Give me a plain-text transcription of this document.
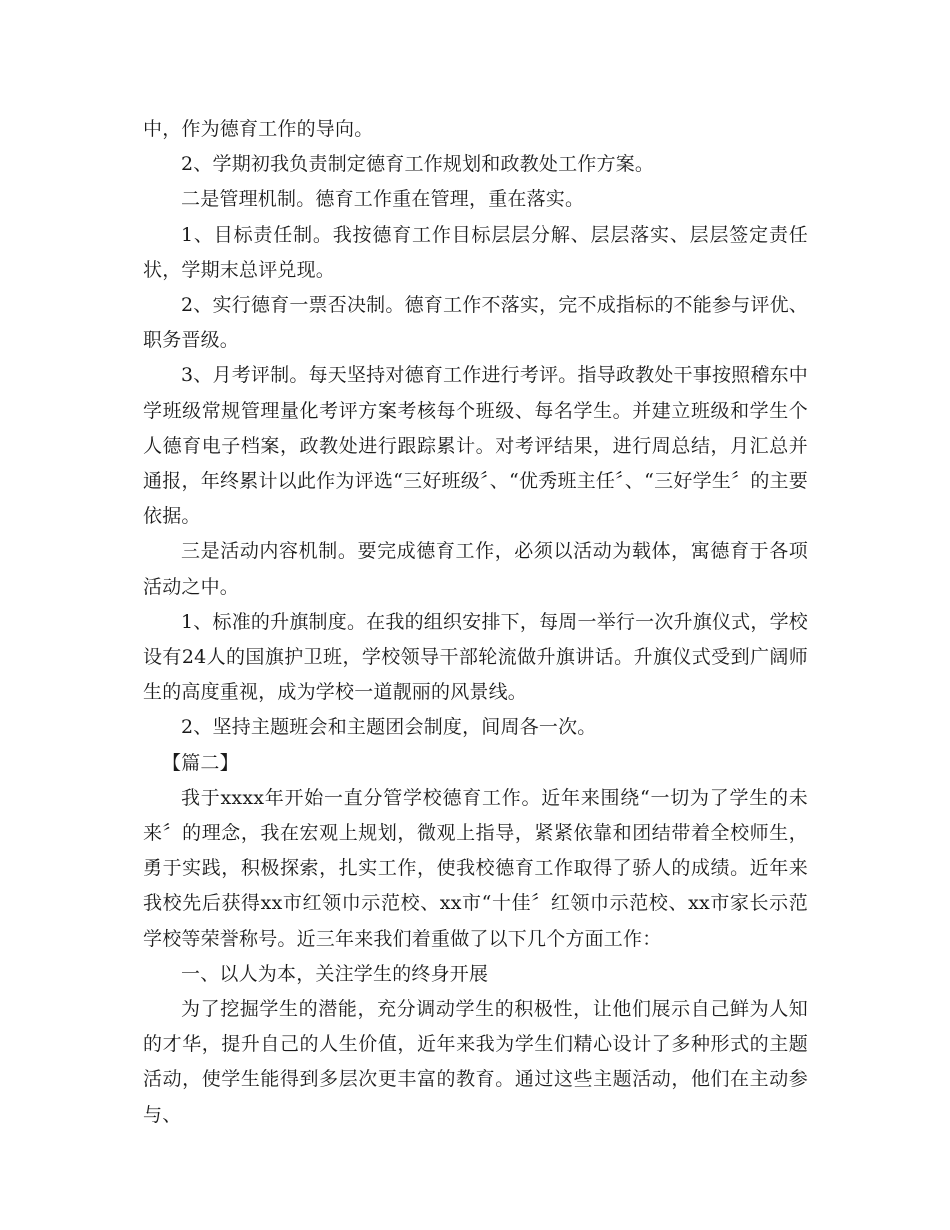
中，作为德育工作的导向。

2、学期初我负责制定德育工作规划和政教处工作方案。

二是管理机制。德育工作重在管理，重在落实。

1、目标责任制。我按德育工作目标层层分解、层层落实、层层签定责任状，学期末总评兑现。

2、实行德育一票否决制。德育工作不落实，完不成指标的不能参与评优、职务晋级。

3、月考评制。每天坚持对德育工作进行考评。指导政教处干事按照稽东中学班级常规管理量化考评方案考核每个班级、每名学生。并建立班级和学生个人德育电子档案，政教处进行跟踪累计。对考评结果，进行周总结，月汇总并通报，年终累计以此作为评选“三好班级〞、“优秀班主任〞、“三好学生〞的主要依据。

三是活动内容机制。要完成德育工作，必须以活动为载体，寓德育于各项活动之中。

1、标准的升旗制度。在我的组织安排下，每周一举行一次升旗仪式，学校设有24人的国旗护卫班，学校领导干部轮流做升旗讲话。升旗仪式受到广阔师生的高度重视，成为学校一道靓丽的风景线。

2、坚持主题班会和主题团会制度，间周各一次。

【篇二】

我于xxxx年开始一直分管学校德育工作。近年来围绕“一切为了学生的未来〞的理念，我在宏观上规划，微观上指导，紧紧依靠和团结带着全校师生，勇于实践，积极探索，扎实工作，使我校德育工作取得了骄人的成绩。近年来我校先后获得xx市红领巾示范校、xx市“十佳〞红领巾示范校、xx市家长示范学校等荣誉称号。近三年来我们着重做了以下几个方面工作：

一、以人为本，关注学生的终身开展

为了挖掘学生的潜能，充分调动学生的积极性，让他们展示自己鲜为人知的才华，提升自己的人生价值，近年来我为学生们精心设计了多种形式的主题活动，使学生能得到多层次更丰富的教育。通过这些主题活动，他们在主动参与、
